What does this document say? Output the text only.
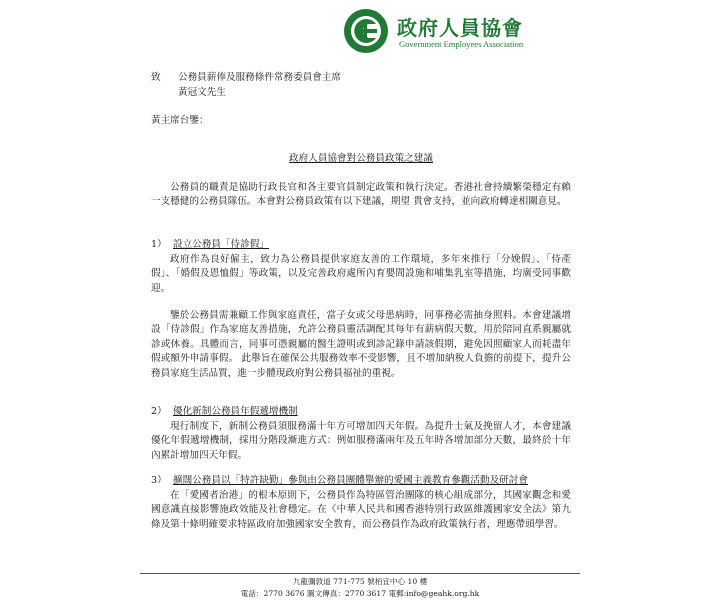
政府人員協會
Government Employees Association
致 公務員薪俸及服務條件常務委員會主席
黃冠文先生
黃主席台鑒：
政府人員協會對公務員政策之建議
公務員的職責是協助行政長官和各主要官員制定政策和執行決定。香港社會持續繁榮穩定有賴一支穩健的公務員隊伍。本會對公務員政策有以下建議，期望 貴會支持，並向政府轉達相關意見。
1） 設立公務員「侍診假」
政府作為良好僱主，致力為公務員提供家庭友善的工作環境，多年來推行「分娩假」、「侍產假」、「婚假及恩恤假」等政策，以及完善政府處所內育嬰間設施和哺集乳室等措施，均廣受同事歡迎。
鑒於公務員需兼顧工作與家庭責任，當子女或父母患病時，同事務必需抽身照料。本會建議增設「侍診假」作為家庭友善措施，允許公務員靈活調配其每年有薪病假天數，用於陪同直系親屬就診或休養。具體而言，同事可憑親屬的醫生證明或到診記錄申請該假期，避免因照顧家人而耗盡年假或額外申請事假。 此舉旨在確保公共服務效率不受影響，且不增加納稅人負擔的前提下，提升公務員家庭生活品質，進一步體現政府對公務員福祉的重視。
2） 優化新制公務員年假遞增機制
現行制度下，新制公務員須服務滿十年方可增加四天年假。為提升士氣及挽留人才，本會建議優化年假遞增機制，採用分階段漸進方式：例如服務滿兩年及五年時各增加部分天數，最終於十年內累計增加四天年假。
3） 擴闊公務員以「特許缺勤」參與由公務員團體舉辦的愛國主義教育參觀活動及研討會
在「愛國者治港」的根本原則下，公務員作為特區管治團隊的核心組成部分，其國家觀念和愛國意識直接影響施政效能及社會穩定。在《中華人民共和國香港特別行政區維護國家安全法》第九條及第十條明確要求特區政府加強國家安全教育，而公務員作為政府政策執行者，理應帶頭學習。
九龍彌敦道 771-775 號栢宜中心 10 樓
電話：2770 3676 圖文傳真：2770 3617 電郵:info@geahk.org.hk
